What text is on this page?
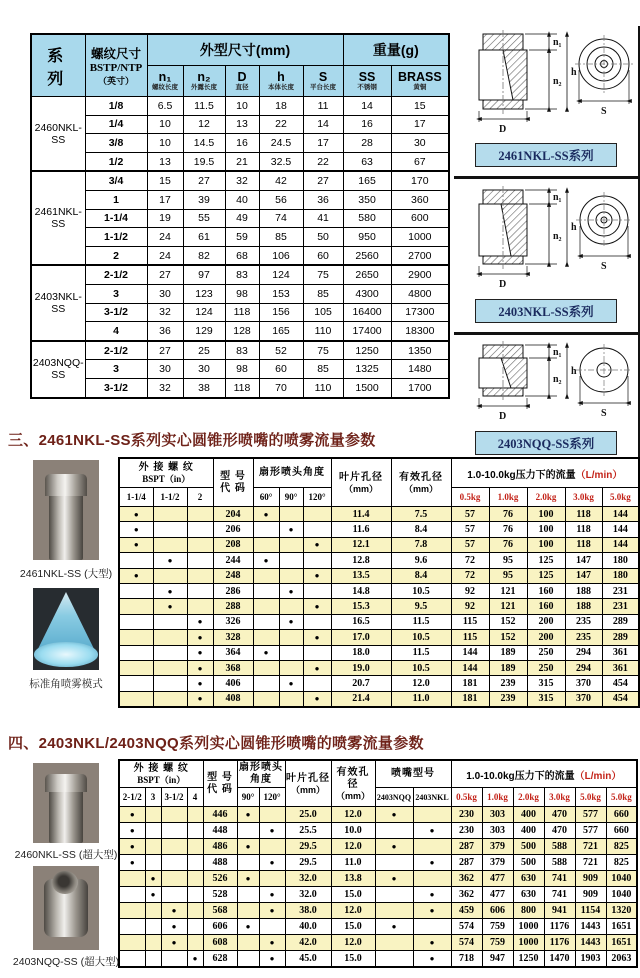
系 列	螺纹尺寸
BSTP/NTP
（英寸）	外型尺寸(mm)					重量(g)	

n₁
螺纹长度

n₂
外露长度

D
直径

h
本体长度

S
平台长度

SS
不锈钢

BRASS
黄铜

2460NKL-SS	1/8	6.5	11.5	10	18	11	14	15
	1/4	10	12	13	22	14	16	17
	3/8	10	14.5	16	24.5	17	28	30
	1/2	13	19.5	21	32.5	22	63	67
2461NKL-SS	3/4	15	27	32	42	27	165	170
	1	17	39	40	56	36	350	360
	1-1/4	19	55	49	74	41	580	600
	1-1/2	24	61	59	85	50	950	1000
	2	24	82	68	106	60	2560	2700
2403NKL-SS	2-1/2	27	97	83	124	75	2650	2900
	3	30	123	98	153	85	4300	4800
	3-1/2	32	124	118	156	105	16400	17300
	4	36	129	128	165	110	17400	18300
2403NQQ-SS	2-1/2	27	25	83	52	75	1250	1350
	3	30	30	98	60	85	1325	1480
	3-1/2	32	38	118	70	110	1500	1700
n₁
n₂
h
D
S
2461NKL-SS系列
n₁
n₂
h
D
S
2403NKL-SS系列
n₁
n₂
h
D	S
2403NQQ-SS系列
三、2461NKL-SS系列实心圆锥形喷嘴的喷雾流量参数
2461NKL-SS (大型)
标准角喷雾模式
外 接 螺 纹
BSPT（in）	型 号
代 码

扇形喷头角度	叶片孔径
（mm）

有效孔径
（mm）
	1.0-10.0kg压力下的流量（L/min）
1-1/4	1-1/2	2		60°	90°	120°			0.5kg	1.0kg	2.0kg	3.0kg	5.0kg
●			204	●			11.4	7.5	57	76	100	118	144
●			206		●		11.6	8.4	57	76	100	118	144
●			208			●	12.1	7.8	57	76	100	118	144
	●		244	●			12.8	9.6	72	95	125	147	180
●			248			●	13.5	8.4	72	95	125	147	180
	●		286		●		14.8	10.5	92	121	160	188	231
	●		288			●	15.3	9.5	92	121	160	188	231
		●	326		●		16.5	11.5	115	152	200	235	289
		●	328			●	17.0	10.5	115	152	200	235	289
		●	364	●			18.0	11.5	144	189	250	294	361
		●	368			●	19.0	10.5	144	189	250	294	361
		●	406		●		20.7	12.0	181	239	315	370	454
		●	408			●	21.4	11.0	181	239	315	370	454
四、2403NKL/2403NQQ系列实心圆锥形喷嘴的喷雾流量参数
2460NKL-SS (超大型)
2403NQQ-SS (超大型)
外 接 螺 纹
BSPT（in）	型 号
代 码

扇形喷头
角度	叶片孔径
（mm）

有效孔径
（mm）

喷嘴型号	1.0-10.0kg压力下的流量（L/min）
2-1/2	3	3-1/2	4		90°	120°			2403NQQ	2403NKL	0.5kg	1.0kg	2.0kg	3.0kg	5.0kg	5.0kg
●				446	●		25.0	12.0	●		230	303	400	470	577	660
●				448		●	25.5	10.0		●	230	303	400	470	577	660
●				486	●		29.5	12.0	●		287	379	500	588	721	825
●				488		●	29.5	11.0		●	287	379	500	588	721	825
	●			526	●		32.0	13.8	●		362	477	630	741	909	1040
	●			528		●	32.0	15.0		●	362	477	630	741	909	1040
		●		568		●	38.0	12.0		●	459	606	800	941	1154	1320
		●		606	●		40.0	15.0	●		574	759	1000	1176	1443	1651
		●		608		●	42.0	12.0		●	574	759	1000	1176	1443	1651
			●	628		●	45.0	15.0		●	718	947	1250	1470	1903	2063
